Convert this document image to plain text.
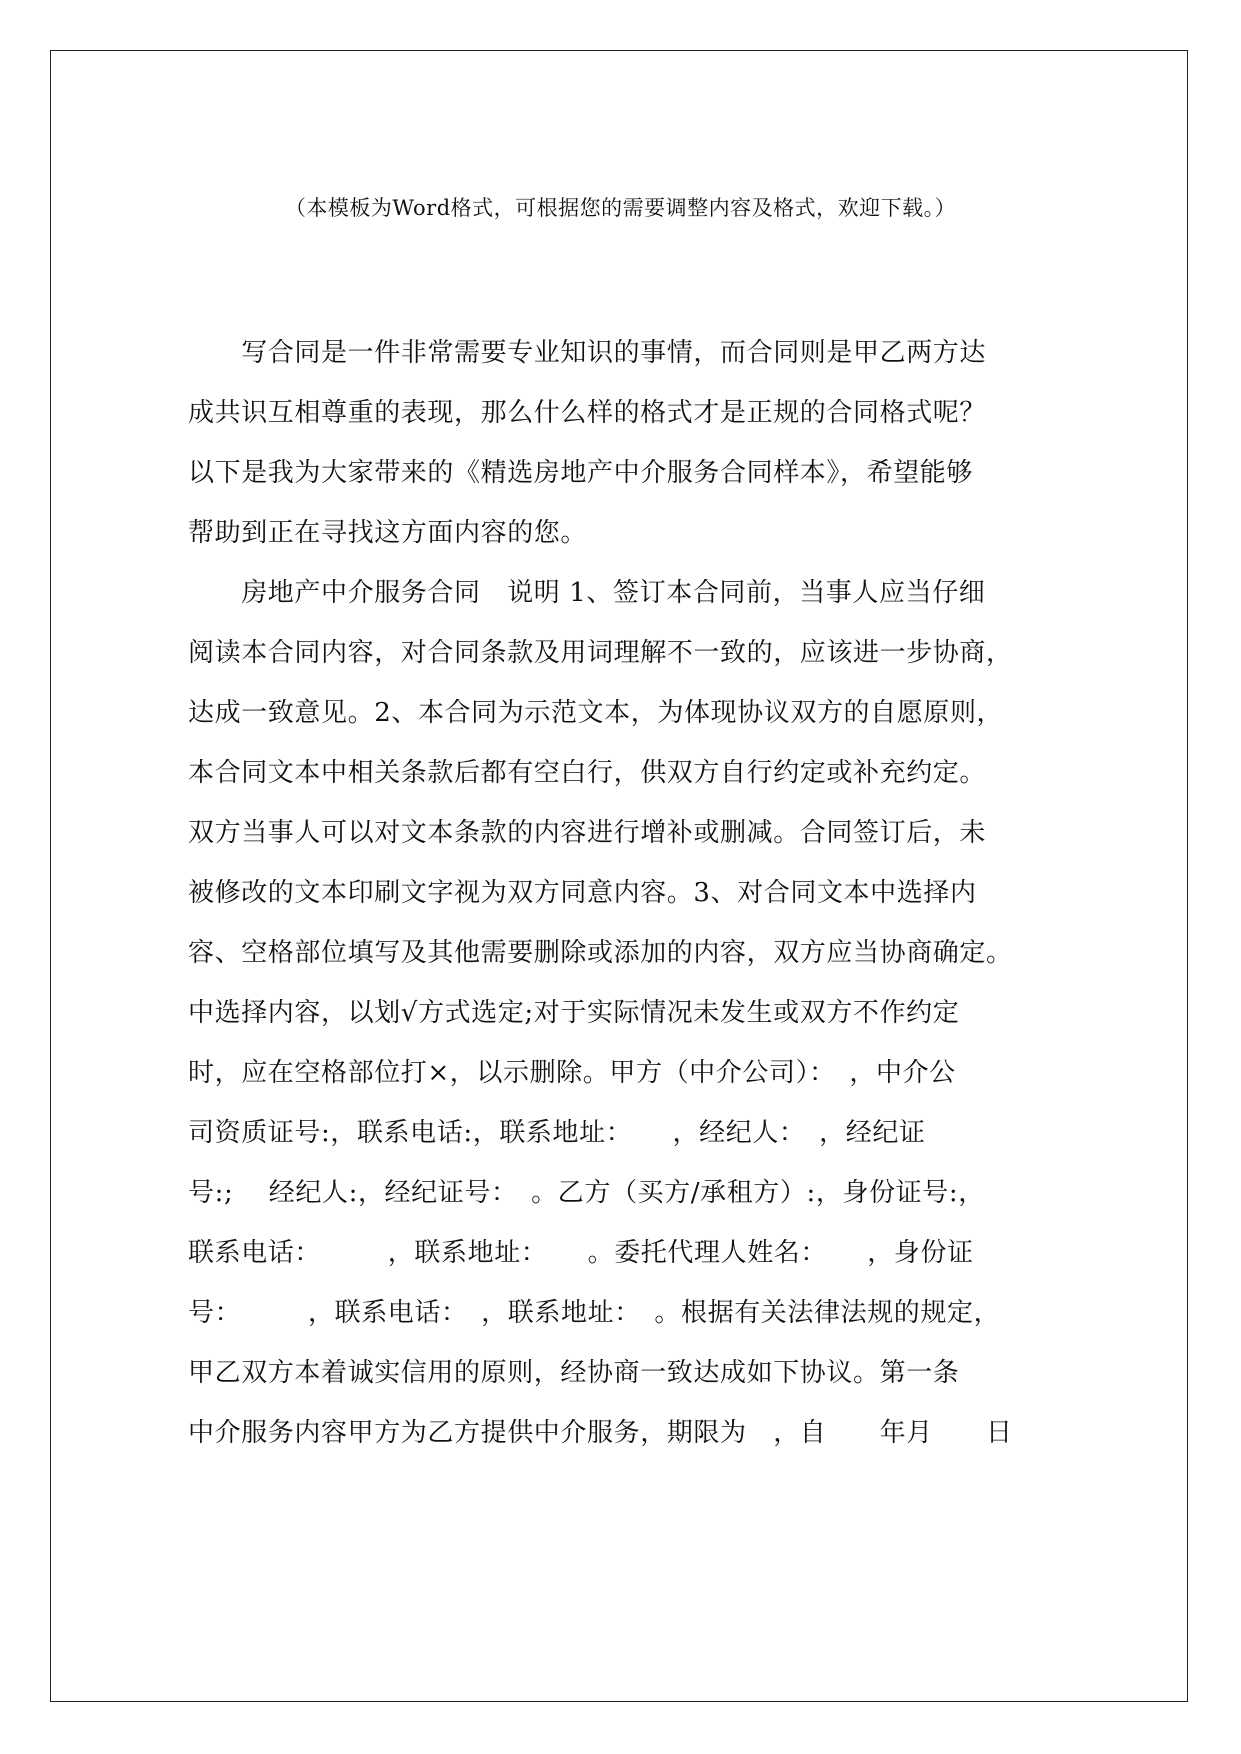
（本模板为Word格式，可根据您的需要调整内容及格式，欢迎下载。）
　　写合同是一件非常需要专业知识的事情，而合同则是甲乙两方达
成共识互相尊重的表现，那么什么样的格式才是正规的合同格式呢？
以下是我为大家带来的《精选房地产中介服务合同样本》，希望能够
帮助到正在寻找这方面内容的您。
　　房地产中介服务合同　说明 1、签订本合同前，当事人应当仔细
阅读本合同内容，对合同条款及用词理解不一致的，应该进一步协商，
达成一致意见。2、本合同为示范文本，为体现协议双方的自愿原则，
本合同文本中相关条款后都有空白行，供双方自行约定或补充约定。
双方当事人可以对文本条款的内容进行增补或删减。合同签订后，未
被修改的文本印刷文字视为双方同意内容。3、对合同文本中选择内
容、空格部位填写及其他需要删除或添加的内容，双方应当协商确定。
中选择内容，以划√方式选定;对于实际情况未发生或双方不作约定
时，应在空格部位打×，以示删除。甲方（中介公司）：　，中介公
司资质证号:，联系电话:，联系地址：　　，经纪人：　，经纪证
号:;　 经纪人:，经纪证号：　。乙方（买方/承租方）:，身份证号:，
联系电话：　　　，联系地址：　　。委托代理人姓名：　　，身份证
号：　　　，联系电话：　，联系地址：　。根据有关法律法规的规定，
甲乙双方本着诚实信用的原则，经协商一致达成如下协议。第一条
中介服务内容甲方为乙方提供中介服务，期限为　，自　　年月　　日
